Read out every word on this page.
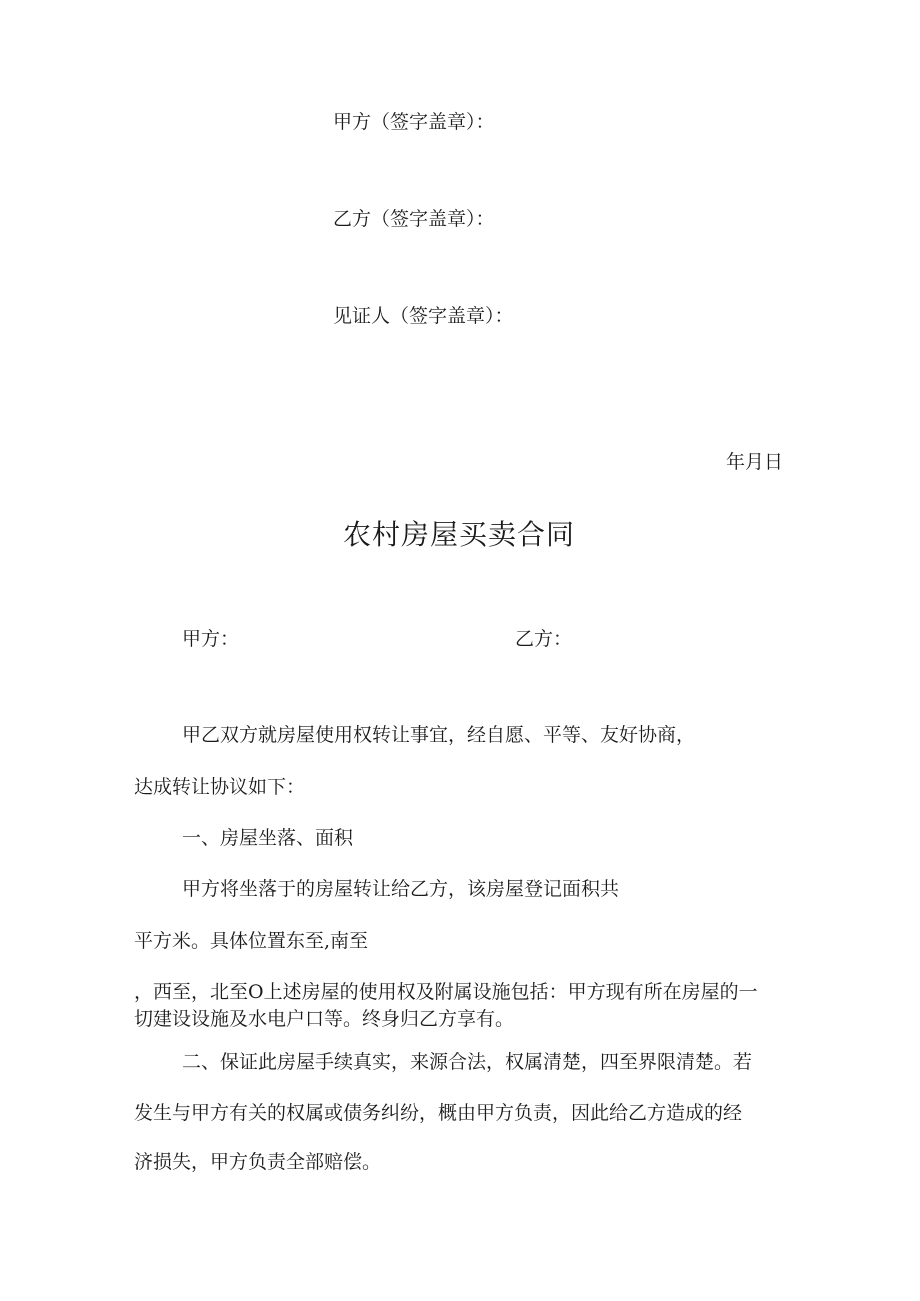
甲方（签字盖章）：
乙方（签字盖章）：
见证人（签字盖章）：
年月日
农村房屋买卖合同
甲方：	乙方：
甲乙双方就房屋使用权转让事宜，经自愿、平等、友好协商，
达成转让协议如下：
一、房屋坐落、面积
甲方将坐落于的房屋转让给乙方，该房屋登记面积共
平方米。具体位置东至,南至
，西至，北至O上述房屋的使用权及附属设施包括：甲方现有所在房屋的一
切建设设施及水电户口等。终身归乙方享有。
二、保证此房屋手续真实，来源合法，权属清楚，四至界限清楚。若
发生与甲方有关的权属或债务纠纷，概由甲方负责，因此给乙方造成的经
济损失，甲方负责全部赔偿。
